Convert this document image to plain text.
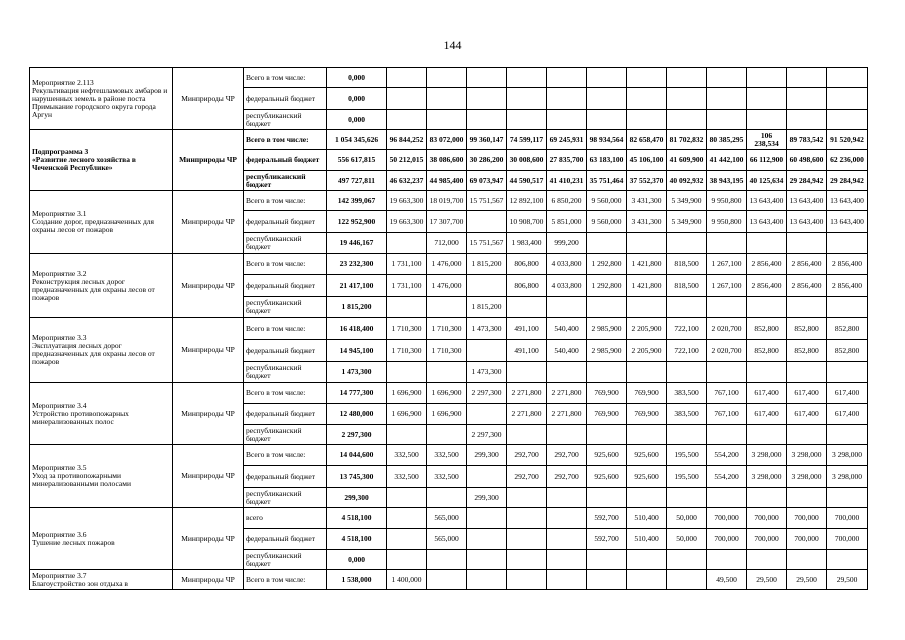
144
Мероприятие 2.113
Рекультивация нефтешламовых амбаров и нарушенных земель в районе поста Примыкание городского округа города Аргун	Минприроды ЧР	Всего в том числе:	0,000												
		федеральный бюджет	0,000												
		республиканский бюджет	0,000												
Подпрограмма 3
«Развитие лесного хозяйства в Чеченской Республике»	Минприроды ЧР	Всего в том числе:	1 054 345,626	96 844,252	83 072,000	99 360,147	74 599,117	69 245,931	98 934,564	82 658,470	81 702,832	80 385,295	106 238,534	89 783,542	91 520,942
		федеральный бюджет	556 617,815	50 212,015	38 086,600	30 286,200	30 008,600	27 835,700	63 183,100	45 106,100	41 609,900	41 442,100	66 112,900	60 498,600	62 236,000
		республиканский бюджет	497 727,811	46 632,237	44 985,400	69 073,947	44 590,517	41 410,231	35 751,464	37 552,370	40 092,932	38 943,195	40 125,634	29 284,942	29 284,942
Мероприятие 3.1
Создание дорог, предназначенных для охраны лесов от пожаров	Минприроды ЧР	Всего в том числе:	142 399,067	19 663,300	18 019,700	15 751,567	12 892,100	6 850,200	9 560,000	3 431,300	5 349,900	9 950,800	13 643,400	13 643,400	13 643,400
		федеральный бюджет	122 952,900	19 663,300	17 307,700		10 908,700	5 851,000	9 560,000	3 431,300	5 349,900	9 950,800	13 643,400	13 643,400	13 643,400
		республиканский бюджет	19 446,167		712,000	15 751,567	1 983,400	999,200							
Мероприятие 3.2
Реконструкция лесных дорог предназначенных для охраны лесов от пожаров	Минприроды ЧР	Всего в том числе:	23 232,300	1 731,100	1 476,000	1 815,200	806,800	4 033,800	1 292,800	1 421,800	818,500	1 267,100	2 856,400	2 856,400	2 856,400
		федеральный бюджет	21 417,100	1 731,100	1 476,000		806,800	4 033,800	1 292,800	1 421,800	818,500	1 267,100	2 856,400	2 856,400	2 856,400
		республиканский бюджет	1 815,200			1 815,200									
Мероприятие 3.3
Эксплуатация лесных дорог предназначенных для охраны лесов от пожаров	Минприроды ЧР	Всего в том числе:	16 418,400	1 710,300	1 710,300	1 473,300	491,100	540,400	2 985,900	2 205,900	722,100	2 020,700	852,800	852,800	852,800
		федеральный бюджет	14 945,100	1 710,300	1 710,300		491,100	540,400	2 985,900	2 205,900	722,100	2 020,700	852,800	852,800	852,800
		республиканский бюджет	1 473,300			1 473,300									
Мероприятие 3.4
Устройство противопожарных минерализованных полос	Минприроды ЧР	Всего в том числе:	14 777,300	1 696,900	1 696,900	2 297,300	2 271,800	2 271,800	769,900	769,900	383,500	767,100	617,400	617,400	617,400
		федеральный бюджет	12 480,000	1 696,900	1 696,900		2 271,800	2 271,800	769,900	769,900	383,500	767,100	617,400	617,400	617,400
		республиканский бюджет	2 297,300			2 297,300									
Мероприятие 3.5
Уход за противопожарными минерализованными полосами	Минприроды ЧР	Всего в том числе:	14 044,600	332,500	332,500	299,300	292,700	292,700	925,600	925,600	195,500	554,200	3 298,000	3 298,000	3 298,000
		федеральный бюджет	13 745,300	332,500	332,500		292,700	292,700	925,600	925,600	195,500	554,200	3 298,000	3 298,000	3 298,000
		республиканский бюджет	299,300			299,300									
Мероприятие 3.6
Тушение лесных пожаров	Минприроды ЧР	всего	4 518,100		565,000				592,700	510,400	50,000	700,000	700,000	700,000	700,000
		федеральный бюджет	4 518,100		565,000				592,700	510,400	50,000	700,000	700,000	700,000	700,000
		республиканский бюджет	0,000												
Мероприятие 3.7
Благоустройство зон отдыха в	Минприроды ЧР	Всего в том числе:	1 538,000	1 400,000								49,500	29,500	29,500	29,500
